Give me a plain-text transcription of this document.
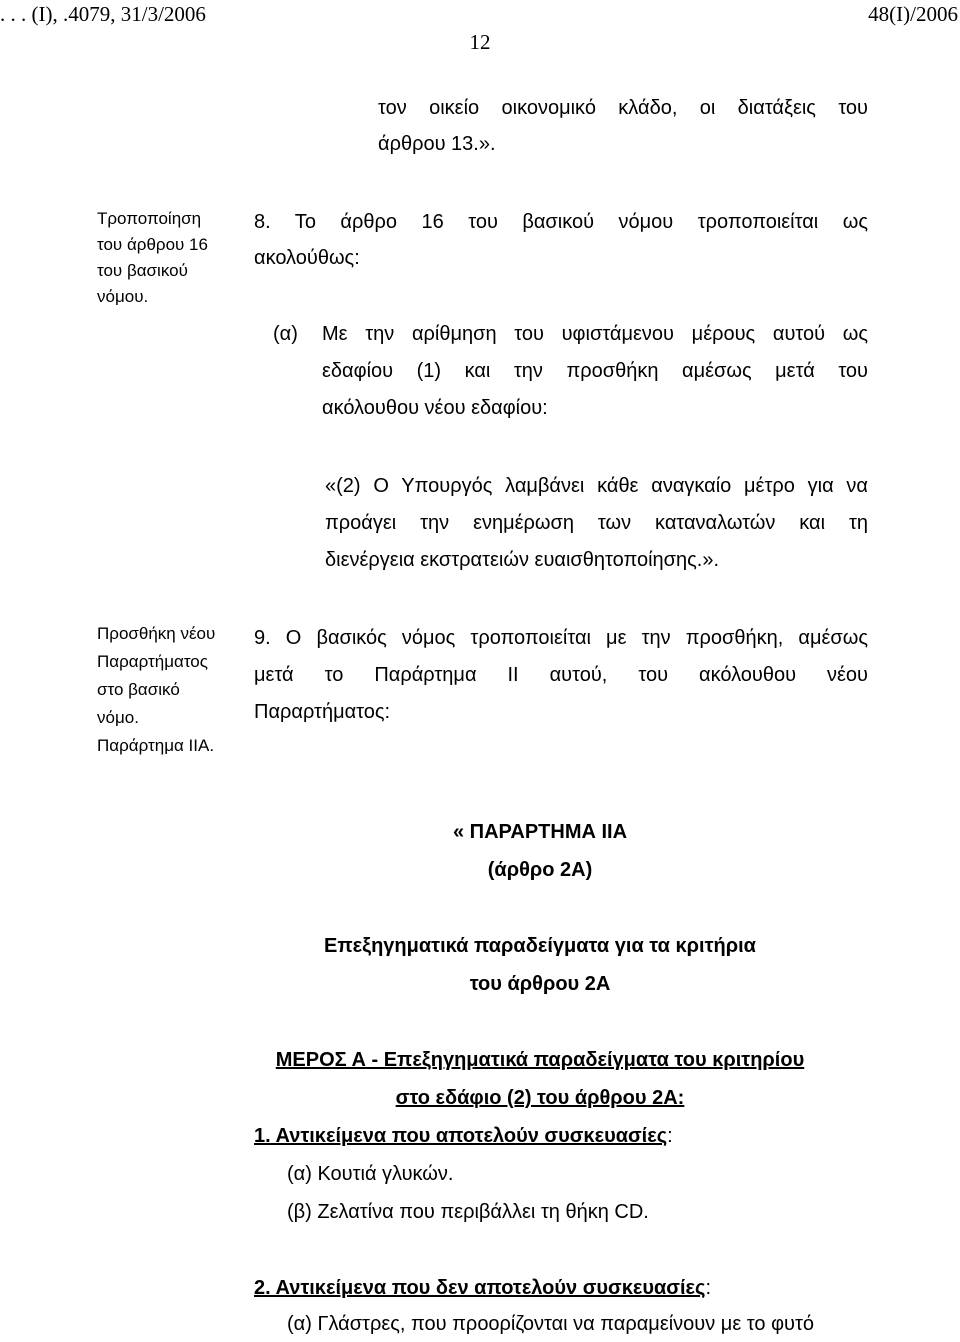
. . . (Ι), .4079, 31/3/2006	48(Ι)/2006
12
τον οικείο οικονομικό κλάδο, οι διατάξεις του
άρθρου 13.».
Τροποποίηση
του άρθρου 16
του βασικού
νόμου.
8. Το άρθρο 16 του βασικού νόμου τροποποιείται ως
ακολούθως:
(α) Με την αρίθμηση του υφιστάμενου μέρους αυτού ως
εδαφίου (1) και την προσθήκη αμέσως μετά του
ακόλουθου νέου εδαφίου:
«(2) Ο Υπουργός λαμβάνει κάθε αναγκαίο μέτρο για να
προάγει την ενημέρωση των καταναλωτών και τη
διενέργεια εκστρατειών ευαισθητοποίησης.».
Προσθήκη νέου
Παραρτήματος
στο βασικό
νόμο.
Παράρτημα ΙΙΑ.
9. Ο βασικός νόμος τροποποιείται με την προσθήκη, αμέσως
μετά το Παράρτημα ΙΙ αυτού, του ακόλουθου νέου
Παραρτήματος:
« ΠΑΡΑΡΤΗΜΑ ΙΙΑ
(άρθρο 2Α)
Επεξηγηματικά παραδείγματα για τα κριτήρια
του άρθρου 2Α
ΜΕΡΟΣ Α - Επεξηγηματικά παραδείγματα του κριτηρίου
στο εδάφιο (2) του άρθρου 2Α:
1. Αντικείμενα που αποτελούν συσκευασίες:
(α) Κουτιά γλυκών.
(β) Ζελατίνα που περιβάλλει τη θήκη CD.
2. Αντικείμενα που δεν αποτελούν συσκευασίες:
(α) Γλάστρες, που προορίζονται να παραμείνουν με το φυτό
